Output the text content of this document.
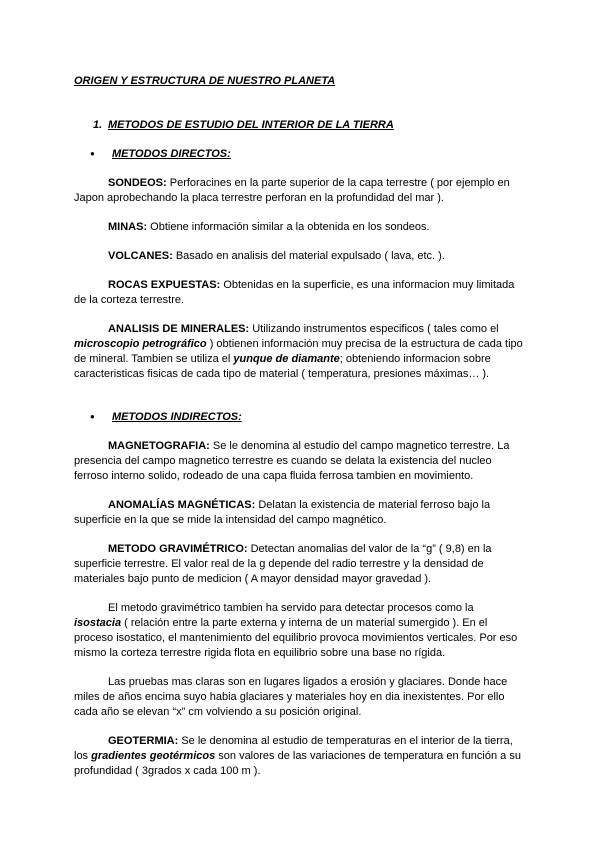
ORIGEN Y ESTRUCTURA DE NUESTRO PLANETA
1. METODOS DE ESTUDIO DEL INTERIOR DE LA TIERRA
● METODOS DIRECTOS:
SONDEOS: Perforacines en la parte superior de la capa terrestre ( por ejemplo en
Japon aprobechando la placa terrestre perforan en la profundidad del mar ).
MINAS: Obtiene información similar a la obtenida en los sondeos.
VOLCANES: Basado en analisis del material expulsado ( lava, etc. ).
ROCAS EXPUESTAS: Obtenidas en la superficie, es una informacion muy limitada
de la corteza terrestre.
ANALISIS DE MINERALES: Utilizando instrumentos especificos ( tales como el
microscopio petrográfico ) obtienen información muy precisa de la estructura de cada tipo
de mineral. Tambien se utiliza el yunque de diamante; obteniendo informacion sobre
caracteristicas fisicas de cada tipo de material ( temperatura, presiones máximas… ).
● METODOS INDIRECTOS:
MAGNETOGRAFIA: Se le denomina al estudio del campo magnetico terrestre. La
presencia del campo magnetico terrestre es cuando se delata la existencia del nucleo
ferroso interno solido, rodeado de una capa fluida ferrosa tambien en movimiento.
ANOMALÍAS MAGNÉTICAS: Delatan la existencia de material ferroso bajo la
superficie en la que se mide la intensidad del campo magnético.
METODO GRAVIMÉTRICO: Detectan anomalias del valor de la “g” ( 9,8) en la
superficie terrestre. El valor real de la g depende del radio terrestre y la densidad de
materiales bajo punto de medicion ( A mayor densidad mayor gravedad ).
El metodo gravimétrico tambien ha servido para detectar procesos como la
isostacia ( relación entre la parte externa y interna de un material sumergido ). En el
proceso isostatico, el mantenimiento del equilibrio provoca movimientos verticales. Por eso
mismo la corteza terrestre rigida flota en equilibrio sobre una base no rígida.
Las pruebas mas claras son en lugares ligados a erosión y glaciares. Donde hace
miles de años encima suyo habia glaciares y materiales hoy en dia inexistentes. Por ello
cada año se elevan “x” cm volviendo a su posición original.
GEOTERMIA: Se le denomina al estudio de temperaturas en el interior de la tierra,
los gradientes geotérmicos son valores de las variaciones de temperatura en función a su
profundidad ( 3grados x cada 100 m ).
